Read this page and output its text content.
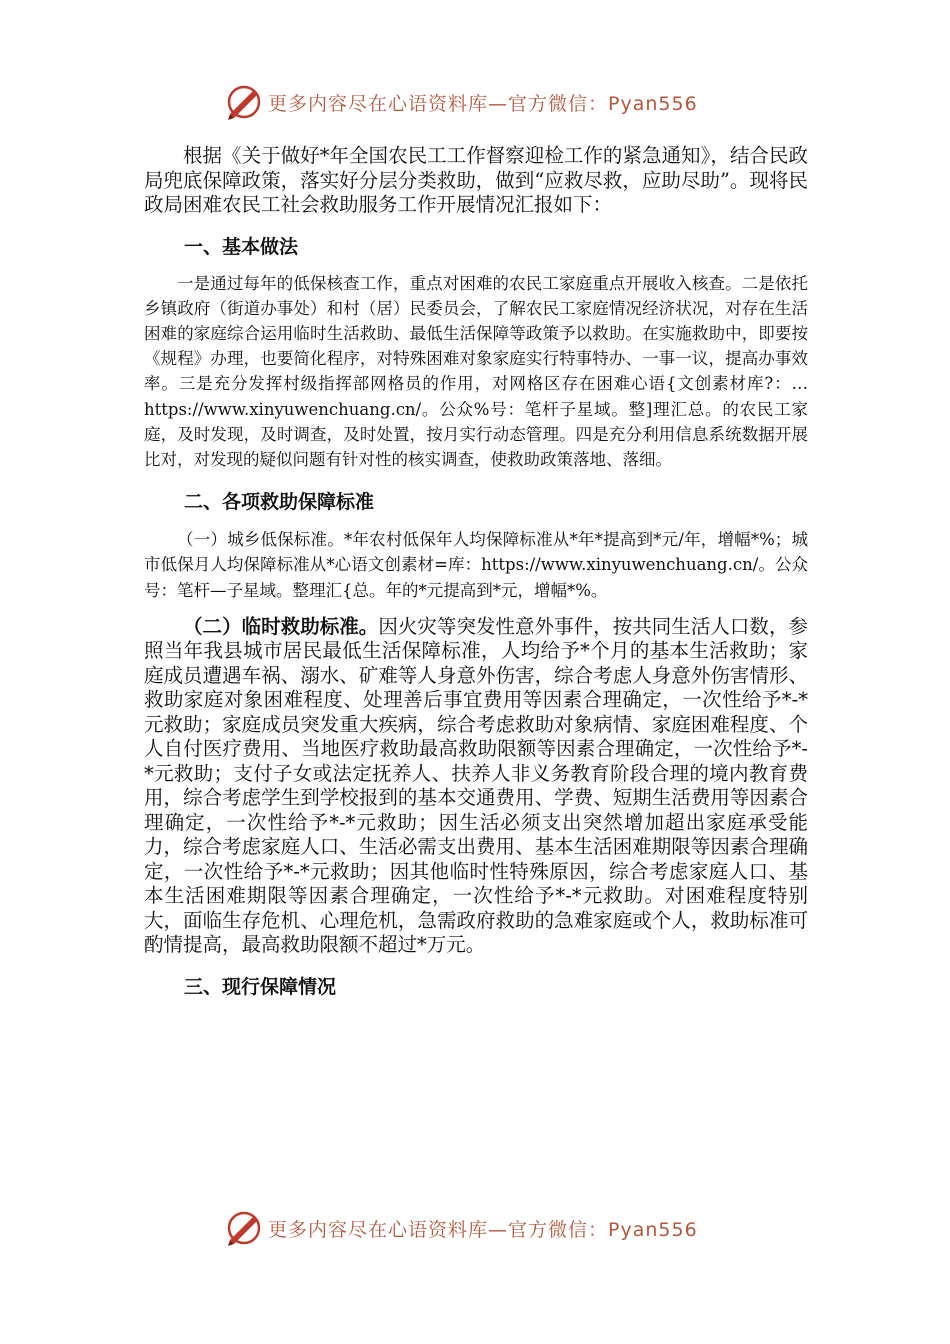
更多内容尽在心语资料库—官方微信：Pyan556

根据《关于做好*年全国农民工工作督察迎检工作的紧急通知》，结合民政局兜底保障政策，落实好分层分类救助，做到“应救尽救，应助尽助”。现将民政局困难农民工社会救助服务工作开展情况汇报如下：

一、基本做法

一是通过每年的低保核查工作，重点对困难的农民工家庭重点开展收入核查。二是依托乡镇政府（街道办事处）和村（居）民委员会，了解农民工家庭情况经济状况，对存在生活困难的家庭综合运用临时生活救助、最低生活保障等政策予以救助。在实施救助中，即要按《规程》办理，也要简化程序，对特殊困难对象家庭实行特事特办、一事一议，提高办事效率。三是充分发挥村级指挥部网格员的作用，对网格区存在困难心语{文创素材库?：…https://www.xinyuwenchuang.cn/。公众%号：笔杆子星域。整]理汇总。的农民工家庭，及时发现，及时调查，及时处置，按月实行动态管理。四是充分利用信息系统数据开展比对，对发现的疑似问题有针对性的核实调查，使救助政策落地、落细。

二、各项救助保障标准

（一）城乡低保标准。*年农村低保年人均保障标准从*年*提高到*元/年，增幅*%；城市低保月人均保障标准从*心语文创素材=库：https://www.xinyuwenchuang.cn/。公众号：笔杆—子星域。整理汇{总。年的*元提高到*元，增幅*%。

（二）临时救助标准。因火灾等突发性意外事件，按共同生活人口数，参照当年我县城市居民最低生活保障标准，人均给予*个月的基本生活救助；家庭成员遭遇车祸、溺水、矿难等人身意外伤害，综合考虑人身意外伤害情形、救助家庭对象困难程度、处理善后事宜费用等因素合理确定，一次性给予*-*元救助；家庭成员突发重大疾病，综合考虑救助对象病情、家庭困难程度、个人自付医疗费用、当地医疗救助最高救助限额等因素合理确定，一次性给予*-*元救助；支付子女或法定抚养人、扶养人非义务教育阶段合理的境内教育费用，综合考虑学生到学校报到的基本交通费用、学费、短期生活费用等因素合理确定，一次性给予*-*元救助；因生活必须支出突然增加超出家庭承受能力，综合考虑家庭人口、生活必需支出费用、基本生活困难期限等因素合理确定，一次性给予*-*元救助；因其他临时性特殊原因，综合考虑家庭人口、基本生活困难期限等因素合理确定，一次性给予*-*元救助。对困难程度特别大，面临生存危机、心理危机，急需政府救助的急难家庭或个人，救助标准可酌情提高，最高救助限额不超过*万元。

三、现行保障情况

更多内容尽在心语资料库—官方微信：Pyan556
